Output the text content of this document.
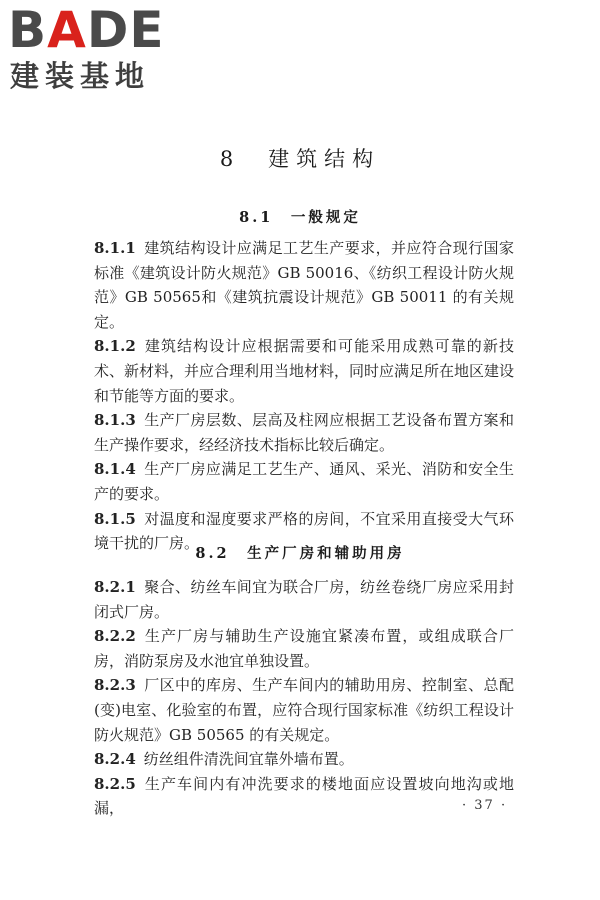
BADE
建装基地
8　建筑结构
8.1　一般规定

8.1.1 建筑结构设计应满足工艺生产要求，并应符合现行国家标准《建筑设计防火规范》GB 50016、《纺织工程设计防火规范》GB 50565和《建筑抗震设计规范》GB 50011 的有关规定。

8.1.2 建筑结构设计应根据需要和可能采用成熟可靠的新技术、新材料，并应合理利用当地材料，同时应满足所在地区建设和节能等方面的要求。

8.1.3 生产厂房层数、层高及柱网应根据工艺设备布置方案和生产操作要求，经经济技术指标比较后确定。

8.1.4 生产厂房应满足工艺生产、通风、采光、消防和安全生产的要求。

8.1.5 对温度和湿度要求严格的房间，不宜采用直接受大气环境干扰的厂房。

8.2　生产厂房和辅助用房

8.2.1 聚合、纺丝车间宜为联合厂房，纺丝卷绕厂房应采用封闭式厂房。

8.2.2 生产厂房与辅助生产设施宜紧凑布置，或组成联合厂房，消防泵房及水池宜单独设置。

8.2.3 厂区中的库房、生产车间内的辅助用房、控制室、总配(变)电室、化验室的布置，应符合现行国家标准《纺织工程设计防火规范》GB 50565 的有关规定。

8.2.4 纺丝组件清洗间宜靠外墙布置。

8.2.5 生产车间内有冲洗要求的楼地面应设置坡向地沟或地漏，	· 37 ·
